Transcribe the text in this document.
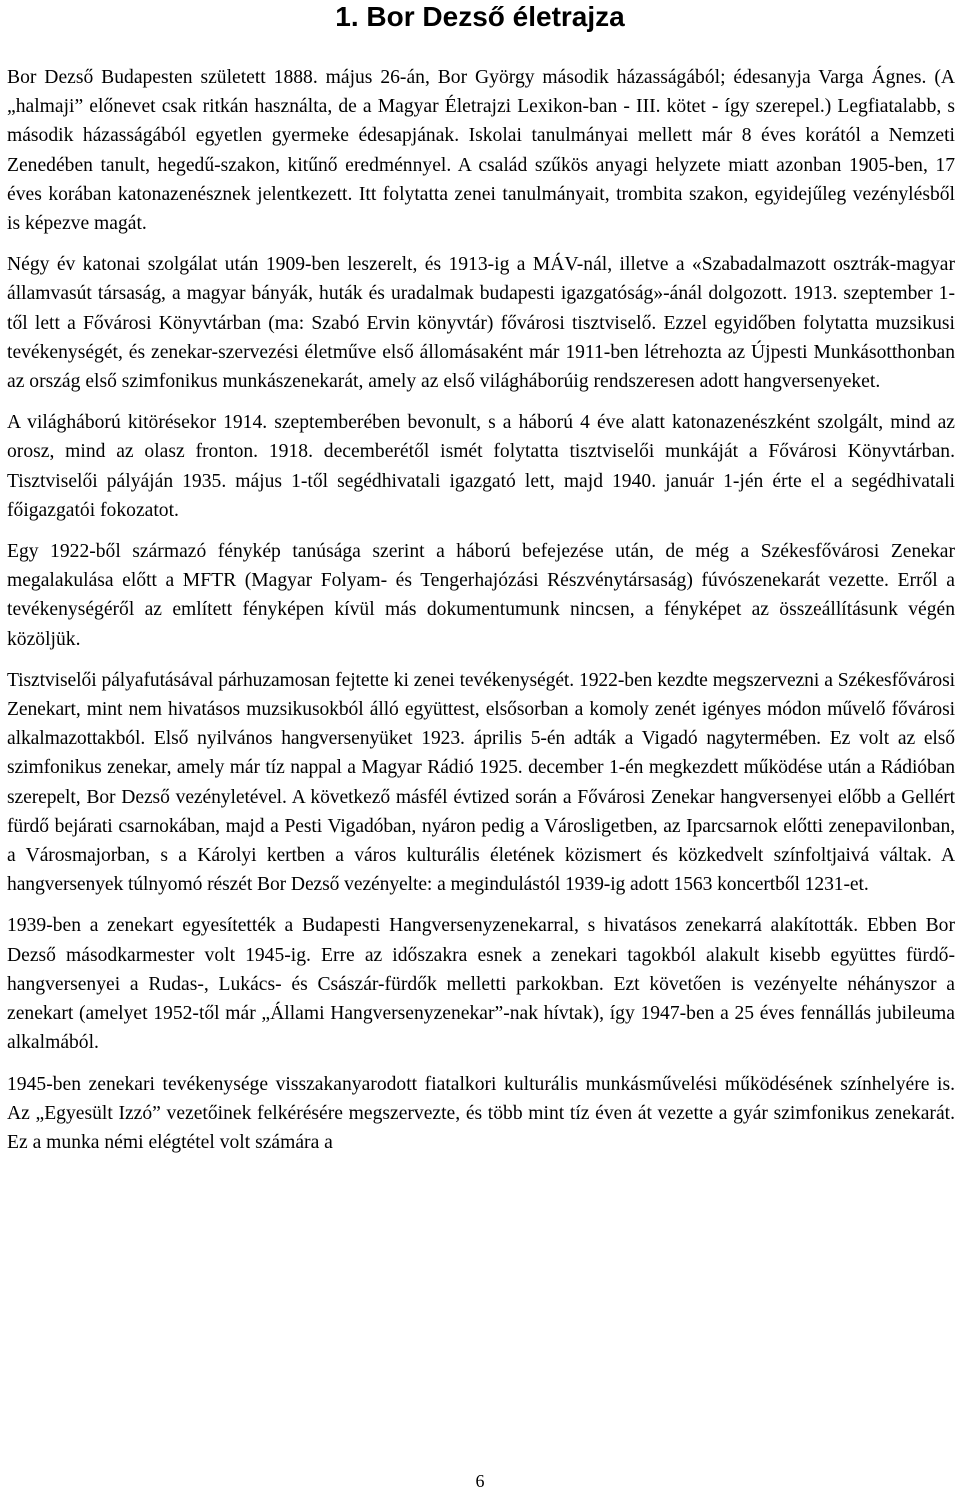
1. Bor Dezső életrajza

Bor Dezső Budapesten született 1888. május 26-án, Bor György második házasságából; édesanyja Varga Ágnes. (A „halmaji” előnevet csak ritkán használta, de a Magyar Életrajzi Lexikon-ban - III. kötet - így szerepel.) Legfiatalabb, s második házasságából egyetlen gyermeke édesapjának. Iskolai tanulmányai mellett már 8 éves korától a Nemzeti Zenedében tanult, hegedű-szakon, kitűnő eredménnyel. A család szűkös anyagi helyzete miatt azonban 1905-ben, 17 éves korában katonazenésznek jelentkezett. Itt folytatta zenei tanulmányait, trombita szakon, egyidejűleg vezénylésből is képezve magát.

Négy év katonai szolgálat után 1909-ben leszerelt, és 1913-ig a MÁV-nál, illetve a «Szabadalmazott osztrák-magyar államvasút társaság, a magyar bányák, huták és uradalmak budapesti igazgatóság»-ánál dolgozott. 1913. szeptember 1-től lett a Fővárosi Könyvtárban (ma: Szabó Ervin könyvtár) fővárosi tisztviselő. Ezzel egyidőben folytatta muzsikusi tevékenységét, és zenekar-szervezési életműve első állomásaként már 1911-ben létrehozta az Újpesti Munkásotthonban az ország első szimfonikus munkászenekarát, amely az első világháborúig rendszeresen adott hangversenyeket.

A világháború kitörésekor 1914. szeptemberében bevonult, s a háború 4 éve alatt katonazenészként szolgált, mind az orosz, mind az olasz fronton. 1918. decemberétől ismét folytatta tisztviselői munkáját a Fővárosi Könyvtárban. Tisztviselői pályáján 1935. május 1-től segédhivatali igazgató lett, majd 1940. január 1-jén érte el a segédhivatali főigazgatói fokozatot.

Egy 1922-ből származó fénykép tanúsága szerint a háború befejezése után, de még a Székesfővárosi Zenekar megalakulása előtt a MFTR (Magyar Folyam- és Tengerhajózási Részvénytársaság) fúvószenekarát vezette. Erről a tevékenységéről az említett fényképen kívül más dokumentumunk nincsen, a fényképet az összeállításunk végén közöljük.

Tisztviselői pályafutásával párhuzamosan fejtette ki zenei tevékenységét. 1922-ben kezdte megszervezni a Székesfővárosi Zenekart, mint nem hivatásos muzsikusokból álló együttest, elsősorban a komoly zenét igényes módon művelő fővárosi alkalmazottakból. Első nyilvános hangversenyüket 1923. április 5-én adták a Vigadó nagytermében. Ez volt az első szimfonikus zenekar, amely már tíz nappal a Magyar Rádió 1925. december 1-én megkezdett működése után a Rádióban szerepelt, Bor Dezső vezényletével. A következő másfél évtized során a Fővárosi Zenekar hangversenyei előbb a Gellért fürdő bejárati csarnokában, majd a Pesti Vigadóban, nyáron pedig a Városligetben, az Iparcsarnok előtti zenepavilonban, a Városmajorban, s a Károlyi kertben a város kulturális életének közismert és közkedvelt színfoltjaivá váltak. A hangversenyek túlnyomó részét Bor Dezső vezényelte: a megindulástól 1939-ig adott 1563 koncertből 1231-et.

1939-ben a zenekart egyesítették a Budapesti Hangversenyzenekarral, s hivatásos zenekarrá alakították. Ebben Bor Dezső másodkarmester volt 1945-ig. Erre az időszakra esnek a zenekari tagokból alakult kisebb együttes fürdő-hangversenyei a Rudas-, Lukács- és Császár-fürdők melletti parkokban. Ezt követően is vezényelte néhányszor a zenekart (amelyet 1952-től már „Állami Hangversenyzenekar”-nak hívtak), így 1947-ben a 25 éves fennállás jubileuma alkalmából.

1945-ben zenekari tevékenysége visszakanyarodott fiatalkori kulturális munkásművelési működésének színhelyére is. Az „Egyesült Izzó” vezetőinek felkérésére megszervezte, és több mint tíz éven át vezette a gyár szimfonikus zenekarát. Ez a munka némi elégtétel volt számára a

6
